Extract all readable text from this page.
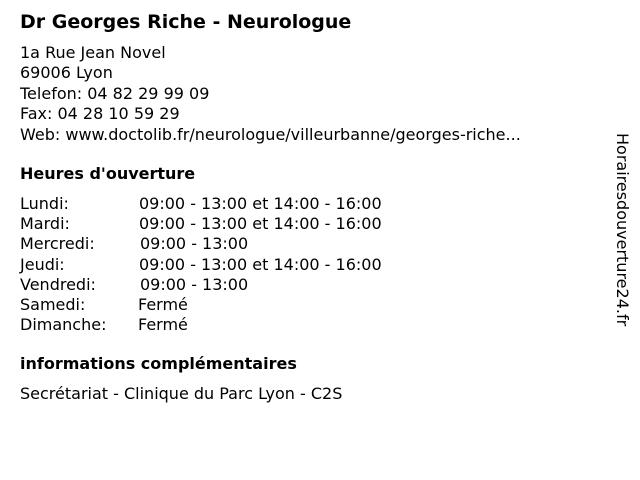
Dr Georges Riche - Neurologue
1a Rue Jean Novel
69006 Lyon
Telefon: 04 82 29 99 09
Fax: 04 28 10 59 29
Web: www.doctolib.fr/neurologue/villeurbanne/georges-riche...
Heures d'ouverture
Lundi:	09:00 - 13:00 et 14:00 - 16:00
Mardi:	09:00 - 13:00 et 14:00 - 16:00
Mercredi:	09:00 - 13:00
Jeudi:	09:00 - 13:00 et 14:00 - 16:00
Vendredi:	09:00 - 13:00
Samedi:	Fermé
Dimanche: Fermé
informations complémentaires
Secrétariat - Clinique du Parc Lyon - C2S
Horairesdouverture24.fr
